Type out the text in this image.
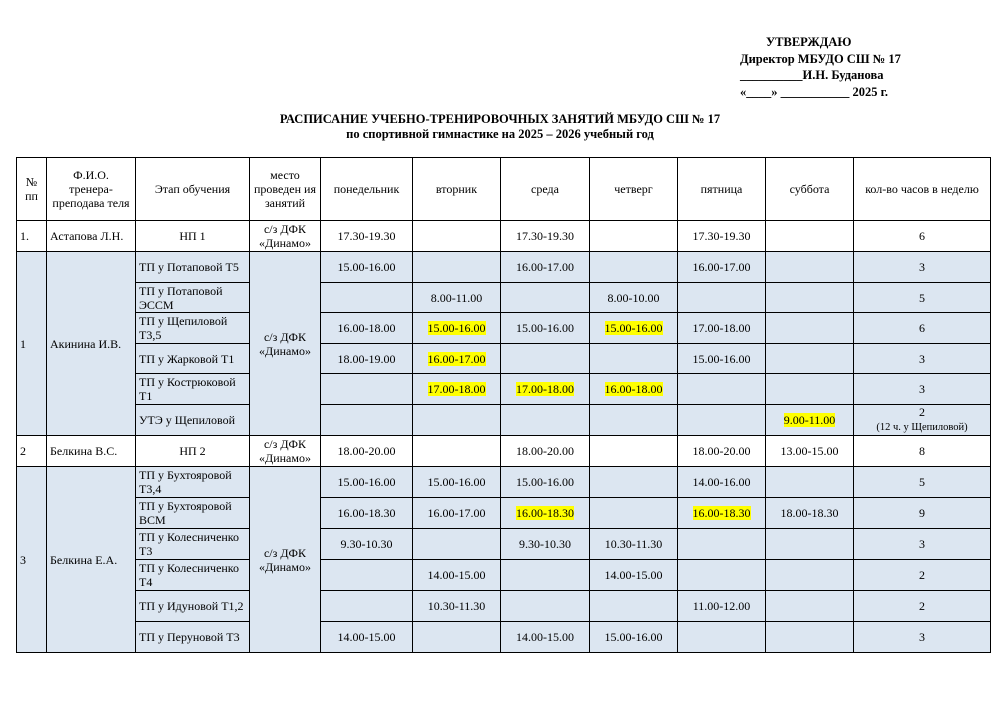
УТВЕРЖДАЮ
Директор МБУДО СШ № 17
__________И.Н. Буданова
«____» ___________ 2025 г.
РАСПИСАНИЕ УЧЕБНО-ТРЕНИРОВОЧНЫХ ЗАНЯТИЙ МБУДО СШ № 17
по спортивной гимнастике на 2025 – 2026 учебный год
№ пп	Ф.И.О. тренера-преподава теля	Этап обучения	место проведен ия занятий	понедельник	вторник	среда	четверг	пятница	суббота	кол-во часов в неделю
1.	Астапова Л.Н.	НП 1	с/з ДФК «Динамо»	17.30-19.30		17.30-19.30		17.30-19.30		6
1	Акинина И.В.	ТП у Потаповой Т5	с/з ДФК «Динамо»	15.00-16.00		16.00-17.00		16.00-17.00		3
		ТП у Потаповой ЭССМ			8.00-11.00		8.00-10.00			5
		ТП у Щепиловой Т3,5		16.00-18.00	15.00-16.00	15.00-16.00	15.00-16.00	17.00-18.00		6
		ТП у Жарковой Т1		18.00-19.00	16.00-17.00			15.00-16.00		3
		ТП у Кострюковой Т1			17.00-18.00	17.00-18.00	16.00-18.00			3
		УТЭ у Щепиловой							9.00-11.00	2
(12 ч. у Щепиловой)
2	Белкина В.С.	НП 2	с/з ДФК «Динамо»	18.00-20.00		18.00-20.00		18.00-20.00	13.00-15.00	8
3	Белкина Е.А.	ТП у Бухтояровой Т3,4	с/з ДФК «Динамо»	15.00-16.00	15.00-16.00	15.00-16.00		14.00-16.00		5
		ТП у Бухтояровой ВСМ		16.00-18.30	16.00-17.00	16.00-18.30		16.00-18.30	18.00-18.30	9
		ТП у Колесниченко Т3		9.30-10.30		9.30-10.30	10.30-11.30			3
		ТП у Колесниченко Т4			14.00-15.00		14.00-15.00			2
		ТП у Идуновой Т1,2			10.30-11.30			11.00-12.00		2
		ТП у Перуновой Т3		14.00-15.00		14.00-15.00	15.00-16.00			3
